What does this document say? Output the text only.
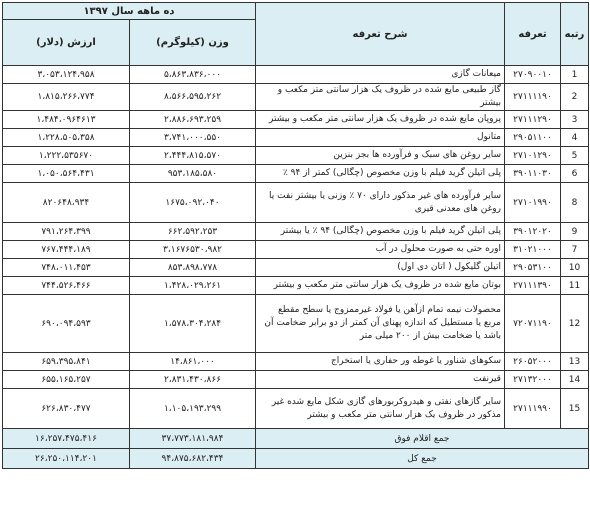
رتبه	تعرفه	شرح تعرفه	ده ماهه سال ۱۳۹۷	
			وزن (کیلوگرم)	ارزش (دلار)
1	۲۷۰۹۰۰۱۰	میعانات گازی	۵،۸۶۳،۸۳۶،۰۰۰	۳،۰۵۳،۱۲۴،۹۵۸
2	۲۷۱۱۱۱۹۰	گاز طبیعی مایع شده در ظروف یک هزار سانتی متر مکعب و بیشتر	۸،۵۶۶،۵۹۵،۲۶۲	۱،۸۱۵،۲۶۶،۷۷۴
3	۲۷۱۱۱۲۹۰	پروپان مایع شده در ظروف یک هزار سانتی متر مکعب و بیشتر	۲،۸۸۶،۶۹۳،۲۵۹	۱،۴۸۴،۰۹۶۴۶۱۳
4	۲۹۰۵۱۱۰۰	متانول	۳،۷۴۱،۰۰۰،۵۵۰	۱،۲۲۸،۵۰۵،۳۵۸
5	۲۷۱۰۱۲۹۰	سایر روغن های سبک و فرآورده ها بجز بنزین	۲،۴۴۴،۸۱۵،۵۷۰	۱،۲۲۲،۵۳۵۶۷۰
6	۳۹۰۱۱۰۳۰	پلی اتیلن گرید فیلم با وزن مخصوص (چگالی) کمتر از ۹۴ ٪	۹۵۳،۱۸۵،۵۸۰	۱،۰۵۰،۵۶۴،۴۳۱
8	۲۷۱۰۱۹۹۰	سایر فرآورده های غیر مذکور دارای ۷۰ ٪ وزنی یا بیشتر نفت یا روغن های معدنی قیری	۱۶۷۵،۰۹۲،۰۴۰	۸۲۰۶۴۸،۹۳۴
9	۳۹۰۱۲۰۲۰	پلی اتیلن گرید فیلم با وزن مخصوص (چگالی) ۹۴ ٪ یا بیشتر	۶۶۲،۵۹۲،۲۵۳	۷۹۱،۲۶۴،۳۹۹
7	۳۱۰۲۱۰۰۰	اوره حتی به صورت محلول در آب	۳،۱۶۷۶۵۳۰،۹۸۲	۷۶۷،۴۴۴،۱۸۹
10	۲۹۰۵۳۱۰۰	اتیلن گلیکول ( اتان دی اول)	۸۵۳،۸۹۸،۷۷۸	۷۴۸،۰۱۱،۴۵۳
11	۲۷۱۱۱۳۹۰	بوتان مایع شده در ظروف یک هزار سانتی متر مکعب و بیشتر	۱،۴۲۸،۰۲۹،۲۶۱	۷۴۴،۵۲۶،۴۶۶
12	۷۲۰۷۱۱۹۰	محصولات نیمه تمام ازآهن یا فولاد غیرممزوج یا سطح مقطع مربع یا مستطیل که اندازه پهنای آن کمتر از دو برابر ضخامت آن باشد یا ضخامت بیش از ۲۰۰ میلی متر	۱،۵۷۸،۳۰۴،۲۸۴	۶۹۰،۰۹۴،۵۹۳
13	۲۶۰۵۲۰۰۰	سکوهای شناور یا غوطه ور حفاری یا استخراج	۱۴،۸۶۱،۰۰۰	۶۵۹،۳۹۵،۸۴۱
14	۲۷۱۳۲۰۰۰	قیرنفت	۲،۸۳۱،۴۳۰،۸۶۶	۶۵۵،۱۶۵،۲۵۷
15	۲۷۱۱۱۹۹۰	سایر گازهای نفتی و هیدروکربورهای گازی شکل مایع شده غیر مذکور در ظروف یک هزار سانتی متر مکعب و بیشتر	۱،۱۰۵،۱۹۳،۲۹۹	۶۲۶،۸۳۰،۴۷۷
جمع اقلام فوق			۳۷،۷۷۳،۱۸۱،۹۸۴	۱۶،۲۵۷،۴۷۵،۴۱۶
جمع کل			۹۴،۸۷۵،۶۸۲،۴۳۴	۲۶،۲۵۰،۱۱۴،۲۰۱
